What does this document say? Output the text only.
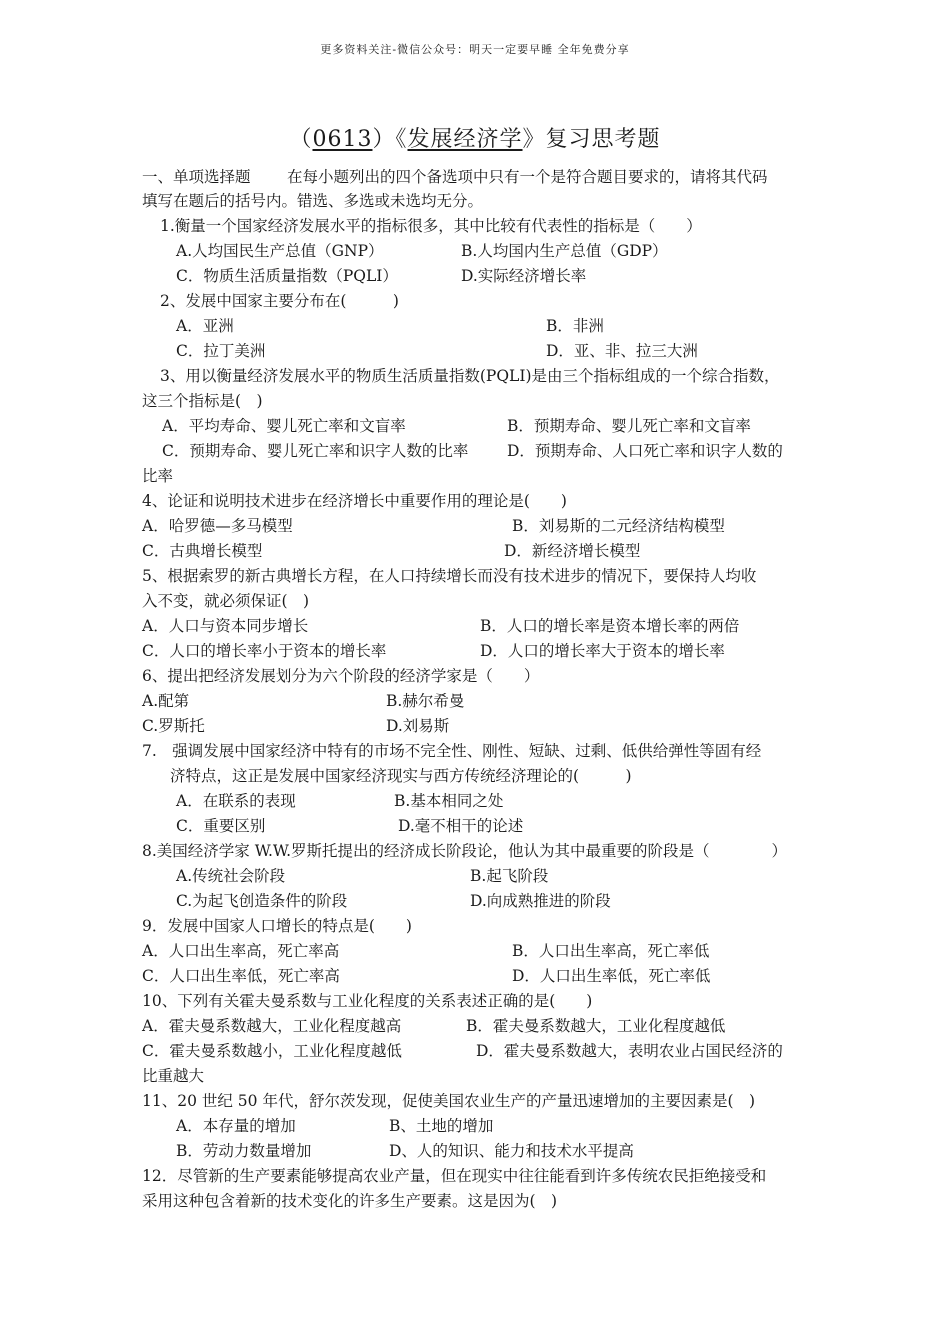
更多资料关注-微信公众号：明天一定要早睡 全年免费分享
（0613）《发展经济学》复习思考题
一、单项选择题 在每小题列出的四个备选项中只有一个是符合题目要求的，请将其代码
填写在题后的括号内。错选、多选或未选均无分。
1.衡量一个国家经济发展水平的指标很多，其中比较有代表性的指标是（　　）
A.人均国民生产总值（GNP）	B.人均国内生产总值（GDP）
C．物质生活质量指数（PQLI）	D.实际经济增长率
2、发展中国家主要分布在(　　　)
A．亚洲	B．非洲
C．拉丁美洲	D．亚、非、拉三大洲
3、用以衡量经济发展水平的物质生活质量指数(PQLI)是由三个指标组成的一个综合指数，
这三个指标是(　)
A．平均寿命、婴儿死亡率和文盲率	B．预期寿命、婴儿死亡率和文盲率
C．预期寿命、婴儿死亡率和识字人数的比率 D．预期寿命、人口死亡率和识字人数的
比率
4、论证和说明技术进步在经济增长中重要作用的理论是(　　)
A．哈罗德—多马模型	B．刘易斯的二元经济结构模型
C．古典增长模型	D．新经济增长模型
5、根据索罗的新古典增长方程，在人口持续增长而没有技术进步的情况下，要保持人均收
入不变，就必须保证(　)
A．人口与资本同步增长	B．人口的增长率是资本增长率的两倍
C．人口的增长率小于资本的增长率	D．人口的增长率大于资本的增长率
6、提出把经济发展划分为六个阶段的经济学家是（　　）
A.配第	B.赫尔希曼
C.罗斯托	D.刘易斯
7.　强调发展中国家经济中特有的市场不完全性、刚性、短缺、过剩、低供给弹性等固有经
济特点，这正是发展中国家经济现实与西方传统经济理论的(　　　)
A．在联系的表现	B.基本相同之处
C．重要区别	D.毫不相干的论述
8.美国经济学家 W.W.罗斯托提出的经济成长阶段论，他认为其中最重要的阶段是（　　　　）
A.传统社会阶段	B.起飞阶段
C.为起飞创造条件的阶段	D.向成熟推进的阶段
9．发展中国家人口增长的特点是(　　)
A．人口出生率高，死亡率高	B．人口出生率高，死亡率低
C．人口出生率低，死亡率高	D．人口出生率低，死亡率低
10、下列有关霍夫曼系数与工业化程度的关系表述正确的是(　　)
A．霍夫曼系数越大，工业化程度越高	B．霍夫曼系数越大，工业化程度越低
C．霍夫曼系数越小，工业化程度越低	D．霍夫曼系数越大，表明农业占国民经济的
比重越大
11、20 世纪 50 年代，舒尔茨发现，促使美国农业生产的产量迅速增加的主要因素是(　)
A．本存量的增加	B、土地的增加
B．劳动力数量增加	D、人的知识、能力和技术水平提高
12．尽管新的生产要素能够提高农业产量，但在现实中往往能看到许多传统农民拒绝接受和
采用这种包含着新的技术变化的许多生产要素。这是因为(　)
